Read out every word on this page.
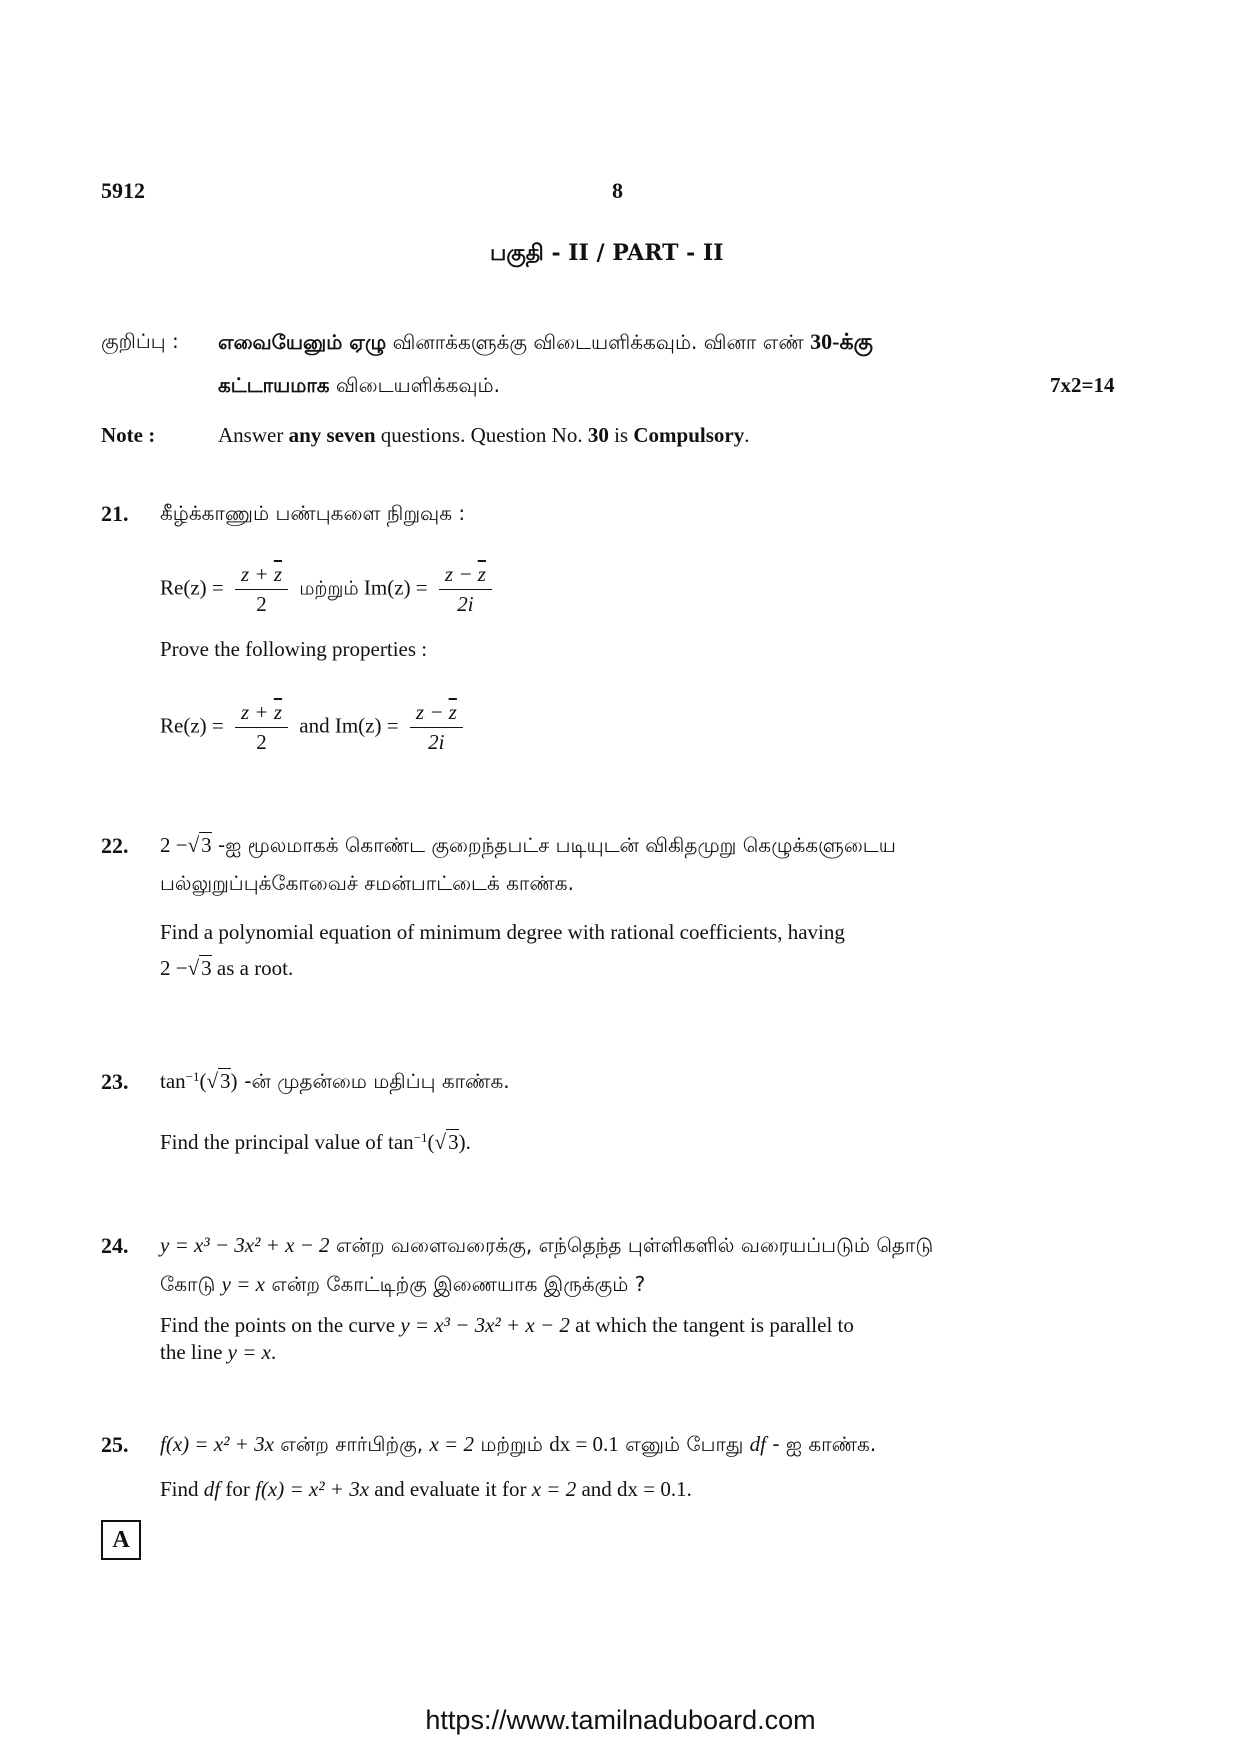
5912	8
பகுதி - II / PART - II
குறிப்பு : எவையேனும் ஏழு வினாக்களுக்கு விடையளிக்கவும். வினா எண் 30-க்கு
கட்டாயமாக விடையளிக்கவும்.	7x2=14
Note :	Answer any seven questions. Question No. 30 is Compulsory.
21. கீழ்க்காணும் பண்புகளை நிறுவுக :
$Re(z) = \frac{z + \overline{z}}{2}$ மற்றும் $Im(z) = \frac{z - \overline{z}}{2i}$
Prove the following properties :
$Re(z) = \frac{z + \overline{z}}{2}$ and $Im(z) = \frac{z - \overline{z}}{2i}$
22. 2 −√3 -ஐ மூலமாகக் கொண்ட குறைந்தபட்ச படியுடன் விகிதமுறு கெழுக்களுடைய
பல்லுறுப்புக்கோவைச் சமன்பாட்டைக் காண்க.
Find a polynomial equation of minimum degree with rational coefficients, having
2 −√3 as a root.
23. $\tan^{-1}(√3)$ -ன் முதன்மை மதிப்பு காண்க.
Find the principal value of $\tan^{-1}(√3)$.
24. y = x³ − 3x² + x − 2 என்ற வளைவரைக்கு, எந்தெந்த புள்ளிகளில் வரையப்படும் தொடு
கோடு y = x என்ற கோட்டிற்கு இணையாக இருக்கும் ?
Find the points on the curve y = x³ − 3x² + x − 2 at which the tangent is parallel to
the line y = x.
25. f(x) = x² + 3x என்ற சார்பிற்கு, x = 2 மற்றும் dx = 0.1 எனும் போது df - ஐ காண்க.
Find df for f(x) = x² + 3x and evaluate it for x = 2 and dx = 0.1.
A
https://www.tamilnaduboard.com
